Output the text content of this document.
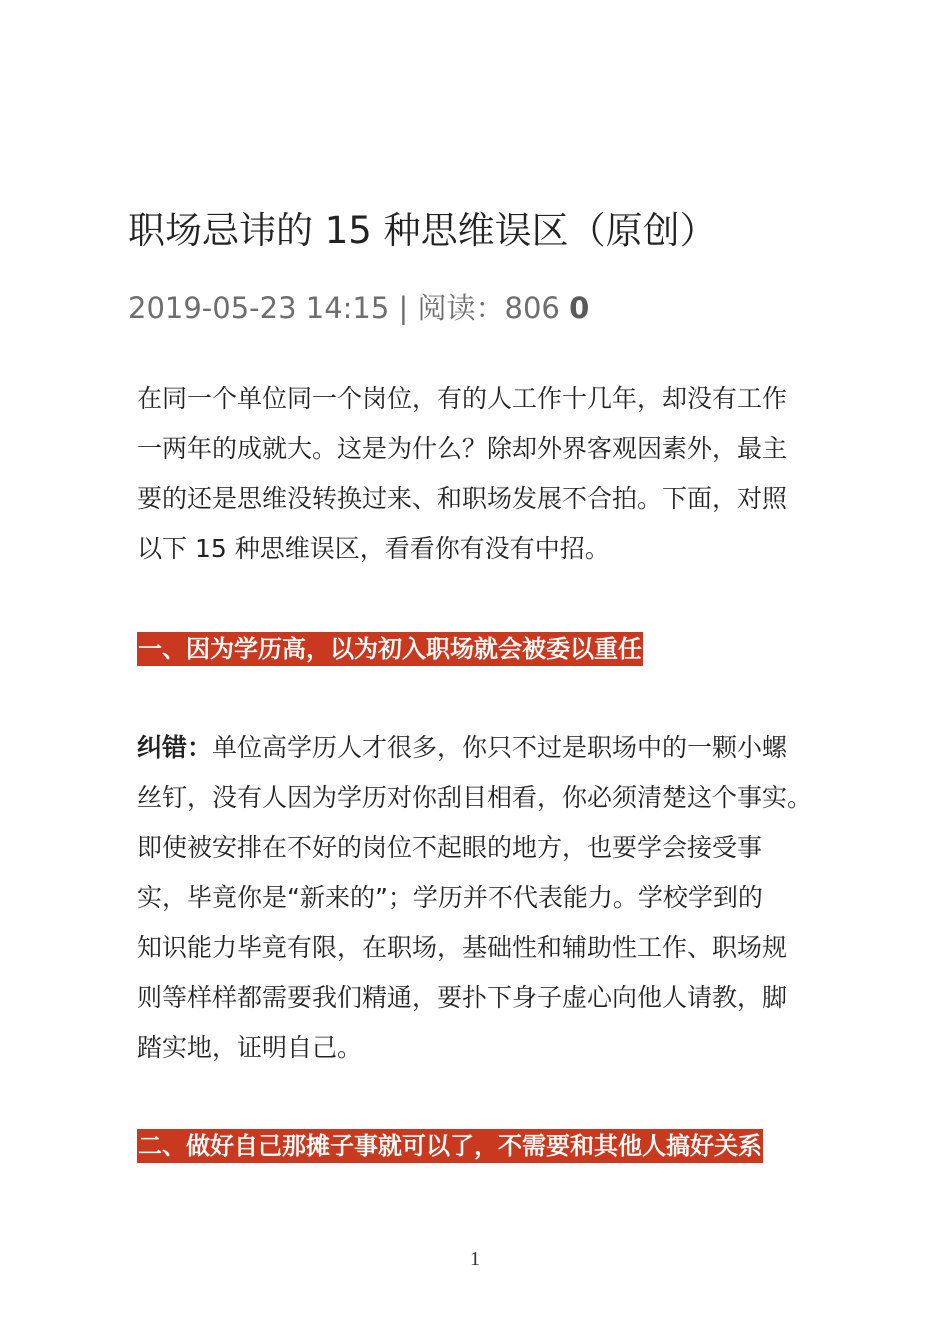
职场忌讳的 15 种思维误区（原创）
2019-05-23 14:15 | 阅读：806 0
在同一个单位同一个岗位，有的人工作十几年，却没有工作
一两年的成就大。这是为什么？除却外界客观因素外，最主
要的还是思维没转换过来、和职场发展不合拍。下面，对照
以下 15 种思维误区，看看你有没有中招。
一、因为学历高，以为初入职场就会被委以重任
纠错：单位高学历人才很多，你只不过是职场中的一颗小螺
丝钉，没有人因为学历对你刮目相看，你必须清楚这个事实。
即使被安排在不好的岗位不起眼的地方，也要学会接受事
实，毕竟你是“新来的”；学历并不代表能力。学校学到的
知识能力毕竟有限，在职场，基础性和辅助性工作、职场规
则等样样都需要我们精通，要扑下身子虚心向他人请教，脚
踏实地，证明自己。
二、做好自己那摊子事就可以了，不需要和其他人搞好关系
1
